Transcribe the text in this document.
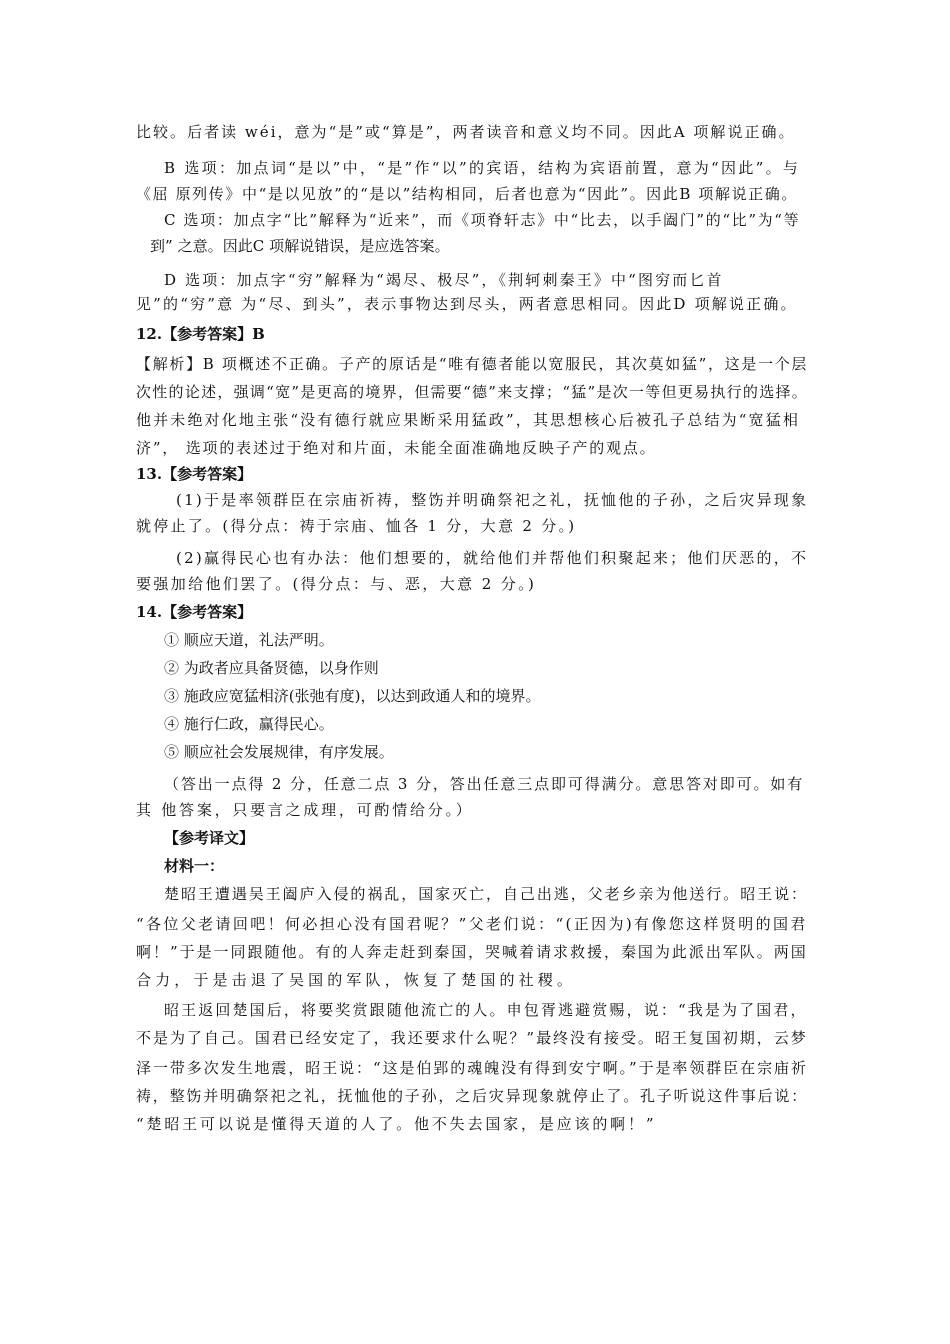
比较。后者读 wéi，意为“是”或“算是”，两者读音和意义均不同。因此A 项解说正确。
B 选项：加点词“是以”中，“是”作“以”的宾语，结构为宾语前置，意为“因此”。与
《屈 原列传》中“是以见放”的“是以”结构相同，后者也意为“因此”。因此B 项解说正确。
C 选项：加点字“比”解释为“近来”，而《项脊轩志》中“比去，以手阖门”的“比”为“等
到” 之意。因此C 项解说错误，是应选答案。
D 选项：加点字“穷”解释为“竭尽、极尽”，《荆轲刺秦王》中“图穷而匕首
见”的“穷”意 为“尽、到头”，表示事物达到尽头，两者意思相同。因此D 项解说正确。
12.【参考答案】B
【解析】B 项概述不正确。子产的原话是“唯有德者能以宽服民，其次莫如猛”，这是一个层
次性的论述，强调“宽”是更高的境界，但需要“德”来支撑；“猛”是次一等但更易执行的选择。
他并未绝对化地主张“没有德行就应果断采用猛政”，其思想核心后被孔子总结为“宽猛相
济”， 选项的表述过于绝对和片面，未能全面准确地反映子产的观点。
13.【参考答案】
(1)于是率领群臣在宗庙祈祷，整饬并明确祭祀之礼，抚恤他的子孙，之后灾异现象
就停止了。(得分点：祷于宗庙、恤各 1 分，大意 2 分。)
(2)赢得民心也有办法：他们想要的，就给他们并帮他们积聚起来；他们厌恶的，不
要强加给他们罢了。(得分点：与、恶，大意 2 分。)
14.【参考答案】
① 顺应天道，礼法严明。
② 为政者应具备贤德，以身作则
③ 施政应宽猛相济(张弛有度)，以达到政通人和的境界。
④ 施行仁政，赢得民心。
⑤ 顺应社会发展规律，有序发展。
（答出一点得 2 分，任意二点 3 分，答出任意三点即可得满分。意思答对即可。如有
其 他答案，只要言之成理，可酌情给分。）
【参考译文】
材料一：
楚昭王遭遇吴王阖庐入侵的祸乱，国家灭亡，自己出逃，父老乡亲为他送行。昭王说：
“各位父老请回吧！何必担心没有国君呢？”父老们说：“(正因为)有像您这样贤明的国君
啊！”于是一同跟随他。有的人奔走赶到秦国，哭喊着请求救援，秦国为此派出军队。两国
合力，于是击退了吴国的军队，恢复了楚国的社稷。
昭王返回楚国后，将要奖赏跟随他流亡的人。申包胥逃避赏赐，说：“我是为了国君，
不是为了自己。国君已经安定了，我还要求什么呢？”最终没有接受。昭王复国初期，云梦
泽一带多次发生地震，昭王说：“这是伯郢的魂魄没有得到安宁啊。”于是率领群臣在宗庙祈
祷，整饬并明确祭祀之礼，抚恤他的子孙，之后灾异现象就停止了。孔子听说这件事后说：
“楚昭王可以说是懂得天道的人了。他不失去国家，是应该的啊！”
